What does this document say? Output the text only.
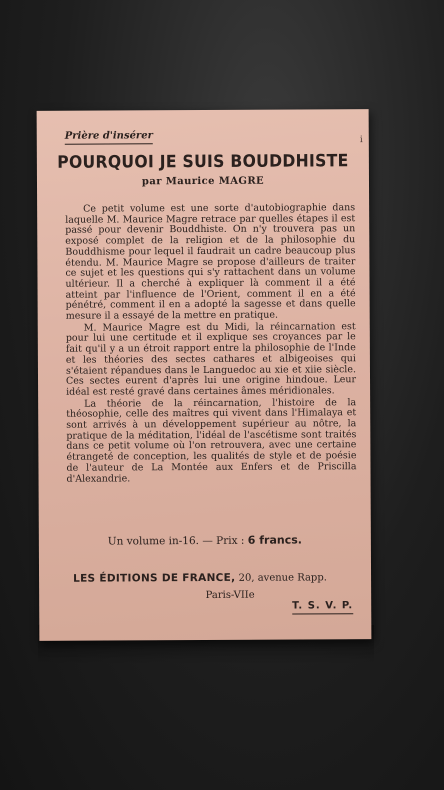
Prière d'insérer	i
POURQUOI JE SUIS BOUDDHISTE
par Maurice MAGRE

Ce petit volume est une sorte d'autobiographie dans laquelle M. Maurice Magre retrace par quelles étapes il est passé pour devenir Bouddhiste. On n'y trouvera pas un exposé complet de la religion et de la philosophie du Bouddhisme pour lequel il faudrait un cadre beaucoup plus étendu. M. Maurice Magre se propose d'ailleurs de traiter ce sujet et les questions qui s'y rattachent dans un volume ultérieur. Il a cherché à expliquer là comment il a été atteint par l'influence de l'Orient, comment il en a été pénétré, comment il en a adopté la sagesse et dans quelle mesure il a essayé de la mettre en pratique.

M. Maurice Magre est du Midi, la réincarnation est pour lui une certitude et il explique ses croyances par le fait qu'il y a un étroit rapport entre la philosophie de l'Inde et les théories des sectes cathares et albigeoises qui s'étaient répandues dans le Languedoc au xie et xiie siècle. Ces sectes eurent d'après lui une origine hindoue. Leur idéal est resté gravé dans certaines âmes méridionales.

La théorie de la réincarnation, l'histoire de la théosophie, celle des maîtres qui vivent dans l'Himalaya et sont arrivés à un développement supérieur au nôtre, la pratique de la méditation, l'idéal de l'ascétisme sont traités dans ce petit volume où l'on retrouvera, avec une certaine étrangeté de conception, les qualités de style et de poésie de l'auteur de La Montée aux Enfers et de Priscilla d'Alexandrie.

Un volume in-16. — Prix : 6 francs.
LES ÉDITIONS DE FRANCE, 20, avenue Rapp.
Paris-VIIe
T. S. V. P.
